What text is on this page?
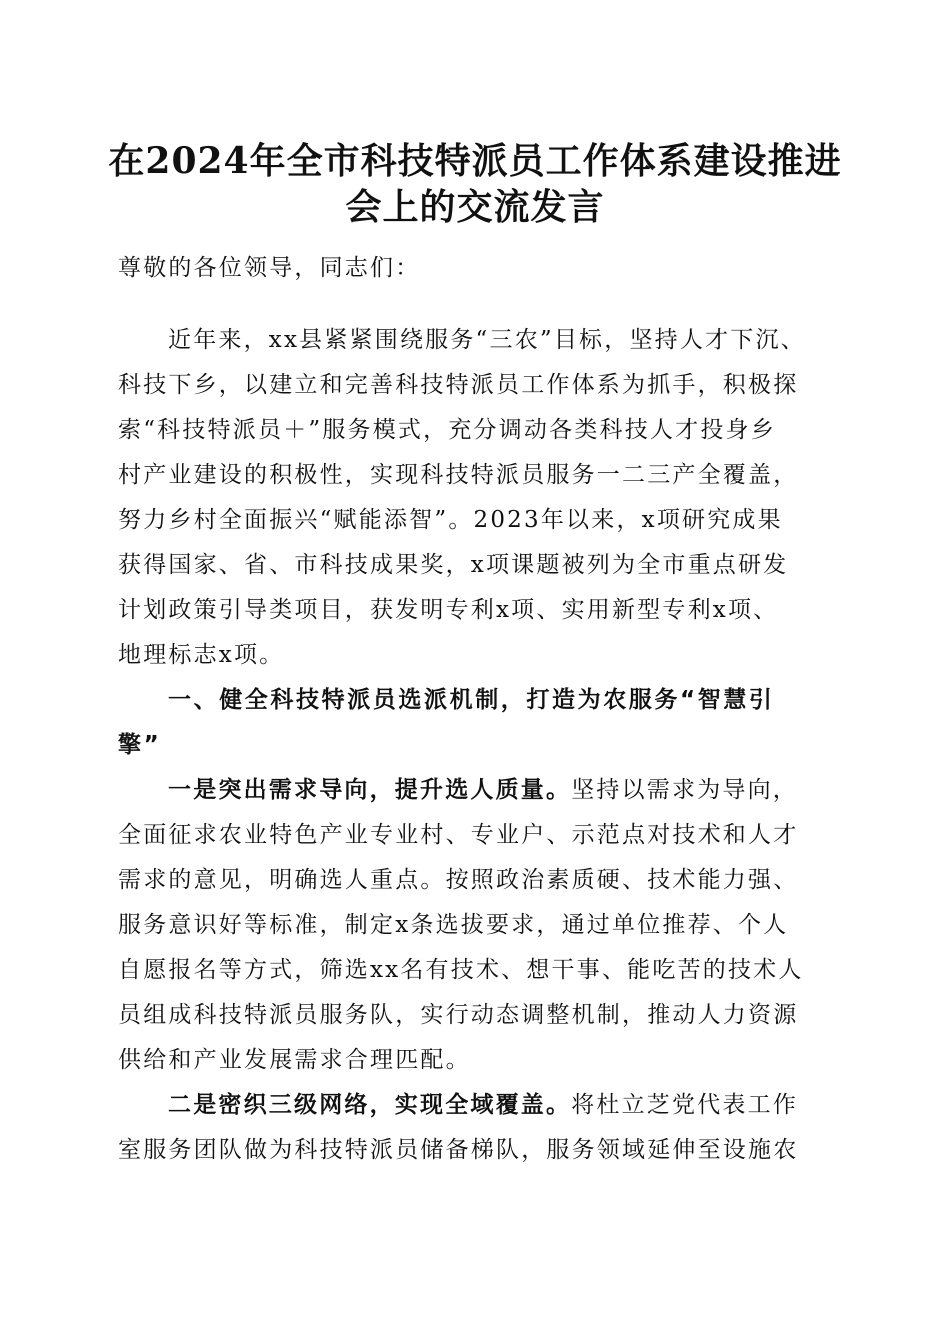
在2024年全市科技特派员工作体系建设推进
会上的交流发言

尊敬的各位领导，同志们：

近年来，xx县紧紧围绕服务“三农”目标，坚持人才下沉、

科技下乡，以建立和完善科技特派员工作体系为抓手，积极探

索“科技特派员＋”服务模式，充分调动各类科技人才投身乡

村产业建设的积极性，实现科技特派员服务一二三产全覆盖，

努力乡村全面振兴“赋能添智”。2023年以来，x项研究成果

获得国家、省、市科技成果奖，x项课题被列为全市重点研发

计划政策引导类项目，获发明专利x项、实用新型专利x项、

地理标志x项。

一、健全科技特派员选派机制，打造为农服务“智慧引

擎”

一是突出需求导向，提升选人质量。坚持以需求为导向，

全面征求农业特色产业专业村、专业户、示范点对技术和人才

需求的意见，明确选人重点。按照政治素质硬、技术能力强、

服务意识好等标准，制定x条选拔要求，通过单位推荐、个人

自愿报名等方式，筛选xx名有技术、想干事、能吃苦的技术人

员组成科技特派员服务队，实行动态调整机制，推动人力资源

供给和产业发展需求合理匹配。

二是密织三级网络，实现全域覆盖。将杜立芝党代表工作

室服务团队做为科技特派员储备梯队，服务领域延伸至设施农
